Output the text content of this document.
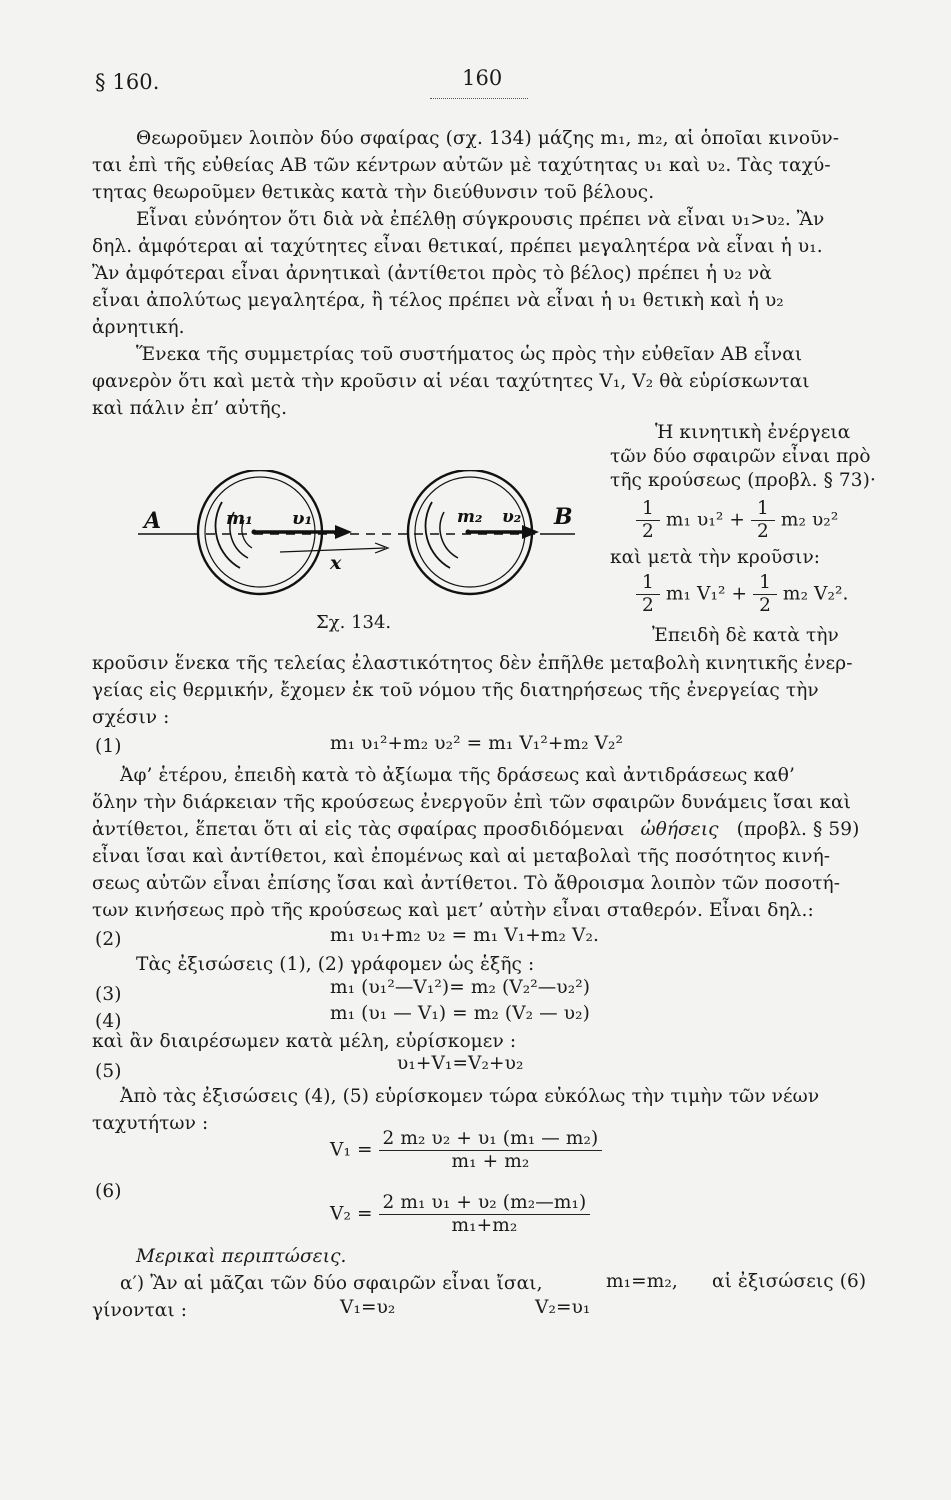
§ 160.	160
Θεωροῦμεν λοιπὸν δύο σφαίρας (σχ. 134) μάζης m₁, m₂, αἱ ὁποῖαι κινοῦν-
ται ἐπὶ τῆς εὐθείας ΑΒ τῶν κέντρων αὐτῶν μὲ ταχύτητας υ₁ καὶ υ₂. Τὰς ταχύ-
τητας θεωροῦμεν θετικὰς κατὰ τὴν διεύθυνσιν τοῦ βέλους.
Εἶναι εὐνόητον ὅτι διὰ νὰ ἐπέλθῃ σύγκρουσις πρέπει νὰ εἶναι υ₁>υ₂. Ἂν
δηλ. ἀμφότεραι αἱ ταχύτητες εἶναι θετικαί, πρέπει μεγαλητέρα νὰ εἶναι ἡ υ₁.
Ἂν ἀμφότεραι εἶναι ἀρνητικαὶ (ἀντίθετοι πρὸς τὸ βέλος) πρέπει ἡ υ₂ νὰ
εἶναι ἀπολύτως μεγαλητέρα, ἢ τέλος πρέπει νὰ εἶναι ἡ υ₁ θετικὴ καὶ ἡ υ₂
ἀρνητική.
Ἕνεκα τῆς συμμετρίας τοῦ συστήματος ὡς πρὸς τὴν εὐθεῖαν ΑΒ εἶναι
φανερὸν ὅτι καὶ μετὰ τὴν κροῦσιν αἱ νέαι ταχύτητες V₁, V₂ θὰ εὑρίσκωνται
καὶ πάλιν ἐπ’ αὐτῆς.
A	B
m₁ υ₁	m₂ υ₂
x
Σχ. 134.
Ἡ κινητικὴ ἐνέργεια
τῶν δύο σφαιρῶν εἶναι πρὸ
τῆς κρούσεως (προβλ. § 73)·
$\frac{1}{2} m_1$ $\upsilon_1^2 + \frac{1}{2} m_2$ υ₂²
καὶ μετὰ τὴν κροῦσιν:
$\frac{1}{2} m_1$ $V_1^2 + \frac{1}{2} m_2$ V₂².
Ἐπειδὴ δὲ κατὰ τὴν
κροῦσιν ἕνεκα τῆς τελείας ἐλαστικότητος δὲν ἐπῆλθε μεταβολὴ κινητικῆς ἐνερ-
γείας εἰς θερμικήν, ἔχομεν ἐκ τοῦ νόμου τῆς διατηρήσεως τῆς ἐνεργείας τὴν
σχέσιν :
(1)	m₁ υ₁²+m₂ υ₂² = m₁ V₁²+m₂ V₂²
Ἀφ’ ἑτέρου, ἐπειδὴ κατὰ τὸ ἀξίωμα τῆς δράσεως καὶ ἀντιδράσεως καθ’
ὅλην τὴν διάρκειαν τῆς κρούσεως ἐνεργοῦν ἐπὶ τῶν σφαιρῶν δυνάμεις ἴσαι καὶ
ἀντίθετοι, ἕπεται ὅτι αἱ εἰς τὰς σφαίρας προσδιδόμεναι ὠθήσεις (προβλ. § 59)
εἶναι ἴσαι καὶ ἀντίθετοι, καὶ ἐπομένως καὶ αἱ μεταβολαὶ τῆς ποσότητος κινή-
σεως αὐτῶν εἶναι ἐπίσης ἴσαι καὶ ἀντίθετοι. Τὸ ἄθροισμα λοιπὸν τῶν ποσοτή-
των κινήσεως πρὸ τῆς κρούσεως καὶ μετ’ αὐτὴν εἶναι σταθερόν. Εἶναι δηλ.:
(2)	m₁ υ₁+m₂ υ₂ = m₁ V₁+m₂ V₂.
Τὰς ἐξισώσεις (1), (2) γράφομεν ὡς ἑξῆς :
(3)	m₁ (υ₁²—V₁²)= m₂ (V₂²—υ₂²)
(4)	m₁ (υ₁ — V₁) = m₂ (V₂ — υ₂)
καὶ ἂν διαιρέσωμεν κατὰ μέλη, εὑρίσκομεν :
(5)	υ₁+V₁=V₂+υ₂
Ἀπὸ τὰς ἐξισώσεις (4), (5) εὑρίσκομεν τώρα εὐκόλως τὴν τιμὴν τῶν νέων
ταχυτήτων :
(6)
$V_1 = \frac{\text{2 m₂ υ₂ + υ₁ (m₁ — m₂)}}{\text{m₁ + m₂}}$
$V_2 = \frac{\text{2 m₁ υ₁ + υ₂ (m₂—m₁)}}{\text{m₁+m₂}}$
Μερικαὶ περιπτώσεις.
α′) Ἂν αἱ μᾶζαι τῶν δύο σφαιρῶν εἶναι ἴσαι,	m₁=m₂, αἱ ἐξισώσεις (6)
γίνονται :	V₁=υ₂	V₂=υ₁
